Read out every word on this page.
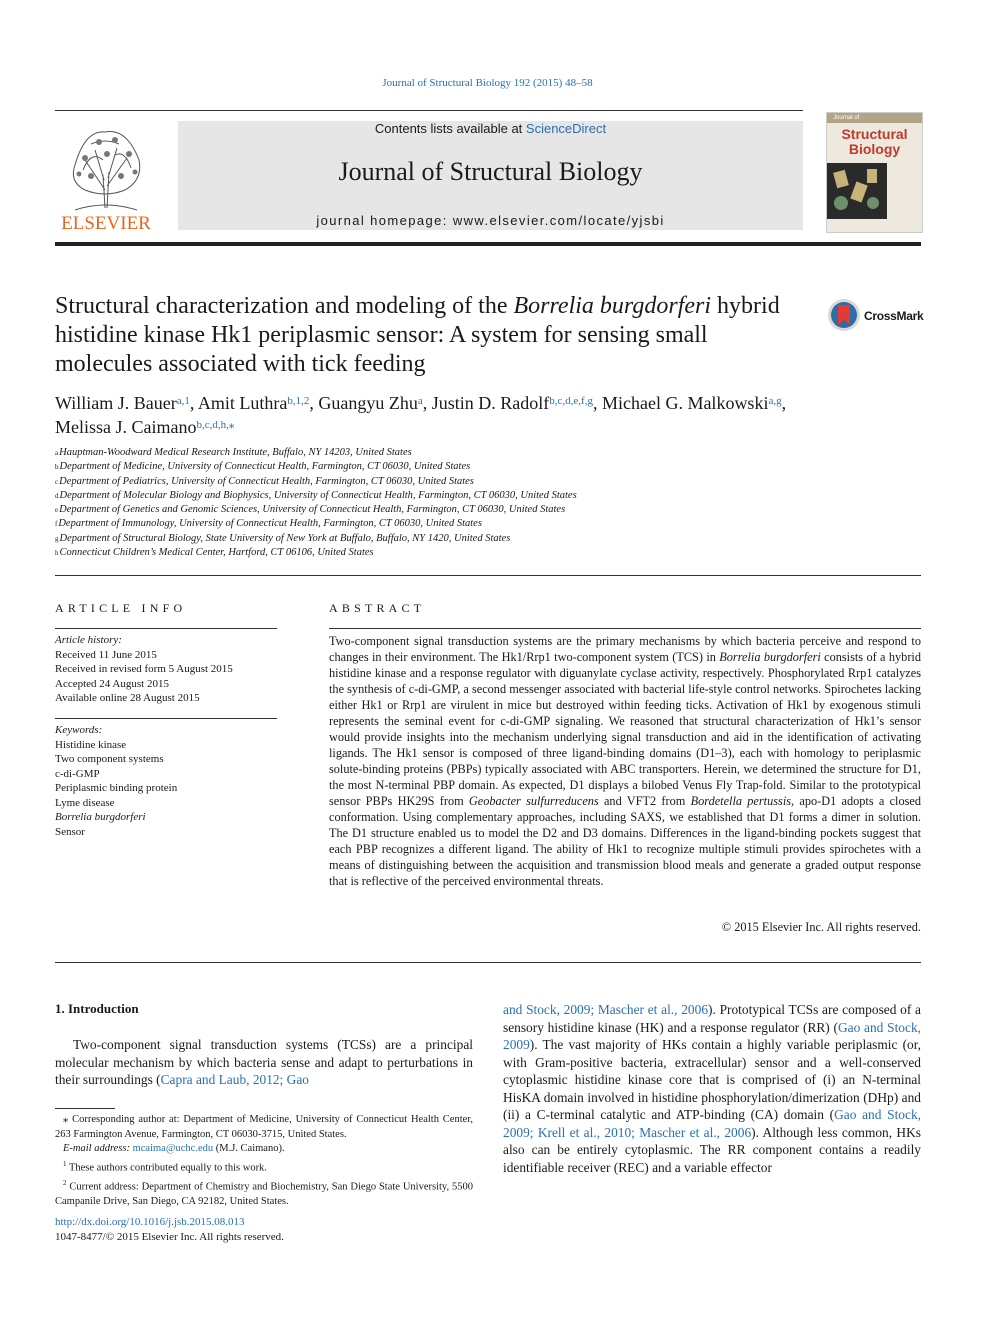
Journal of Structural Biology 192 (2015) 48–58
ELSEVIER
Contents lists available at ScienceDirect
Journal of Structural Biology
journal homepage: www.elsevier.com/locate/yjsbi
Journal of
Structural Biology
Structural characterization and modeling of the Borrelia burgdorferi hybrid histidine kinase Hk1 periplasmic sensor: A system for sensing small molecules associated with tick feeding
CrossMark
William J. Bauer$^{a,1}$, Amit Luthra$^{b,1,2}$, Guangyu Zhu$^a$, Justin D. Radolf$^{b,c,d,e,f,g}$, Michael G. Malkowski$^{a,g}$,
Melissa J. Caimano$^{b,c,d,h,⁎}$
$^a$Hauptman-Woodward Medical Research Institute, Buffalo, NY 14203, United States
$^b$Department of Medicine, University of Connecticut Health, Farmington, CT 06030, United States
$^c$Department of Pediatrics, University of Connecticut Health, Farmington, CT 06030, United States
$^d$Department of Molecular Biology and Biophysics, University of Connecticut Health, Farmington, CT 06030, United States
$^e$Department of Genetics and Genomic Sciences, University of Connecticut Health, Farmington, CT 06030, United States
$^f$Department of Immunology, University of Connecticut Health, Farmington, CT 06030, United States
$^g$Department of Structural Biology, State University of New York at Buffalo, Buffalo, NY 1420, United States
$^h$Connecticut Children’s Medical Center, Hartford, CT 06106, United States
ARTICLE INFO
Article history:
Received 11 June 2015
Received in revised form 5 August 2015
Accepted 24 August 2015
Available online 28 August 2015
Keywords:
Histidine kinase
Two component systems
c-di-GMP
Periplasmic binding protein
Lyme disease
Borrelia burgdorferi
Sensor
ABSTRACT
Two-component signal transduction systems are the primary mechanisms by which bacteria perceive and respond to changes in their environment. The Hk1/Rrp1 two-component system (TCS) in Borrelia burgdorferi consists of a hybrid histidine kinase and a response regulator with diguanylate cyclase activity, respectively. Phosphorylated Rrp1 catalyzes the synthesis of c-di-GMP, a second messenger associated with bacterial life-style control networks. Spirochetes lacking either Hk1 or Rrp1 are virulent in mice but destroyed within feeding ticks. Activation of Hk1 by exogenous stimuli represents the seminal event for c-di-GMP signaling. We reasoned that structural characterization of Hk1’s sensor would provide insights into the mechanism underlying signal transduction and aid in the identification of activating ligands. The Hk1 sensor is composed of three ligand-binding domains (D1–3), each with homology to periplasmic solute-binding proteins (PBPs) typically associated with ABC transporters. Herein, we determined the structure for D1, the most N-terminal PBP domain. As expected, D1 displays a bilobed Venus Fly Trap-fold. Similar to the prototypical sensor PBPs HK29S from Geobacter sulfurreducens and VFT2 from Bordetella pertussis, apo-D1 adopts a closed conformation. Using complementary approaches, including SAXS, we established that D1 forms a dimer in solution. The D1 structure enabled us to model the D2 and D3 domains. Differences in the ligand-binding pockets suggest that each PBP recognizes a different ligand. The ability of Hk1 to recognize multiple stimuli provides spirochetes with a means of distinguishing between the acquisition and transmission blood meals and generate a graded output response that is reflective of the perceived environmental threats.
© 2015 Elsevier Inc. All rights reserved.
1. Introduction
Two-component signal transduction systems (TCSs) are a principal molecular mechanism by which bacteria sense and adapt to perturbations in their surroundings (Capra and Laub, 2012; Gao
and Stock, 2009; Mascher et al., 2006). Prototypical TCSs are composed of a sensory histidine kinase (HK) and a response regulator (RR) (Gao and Stock, 2009). The vast majority of HKs contain a highly variable periplasmic (or, with Gram-positive bacteria, extracellular) sensor and a well-conserved cytoplasmic histidine kinase core that is comprised of (i) an N-terminal HisKA domain involved in histidine phosphorylation/dimerization (DHp) and (ii) a C-terminal catalytic and ATP-binding (CA) domain (Gao and Stock, 2009; Krell et al., 2010; Mascher et al., 2006). Although less common, HKs also can be entirely cytoplasmic. The RR component contains a readily identifiable receiver (REC) and a variable effector

⁎ Corresponding author at: Department of Medicine, University of Connecticut Health Center, 263 Farmington Avenue, Farmington, CT 06030-3715, United States.

E-mail address: mcaima@uchc.edu (M.J. Caimano).

$^1$ These authors contributed equally to this work.

$^2$ Current address: Department of Chemistry and Biochemistry, San Diego State University, 5500 Campanile Drive, San Diego, CA 92182, United States.

http://dx.doi.org/10.1016/j.jsb.2015.08.013
1047-8477/© 2015 Elsevier Inc. All rights reserved.
